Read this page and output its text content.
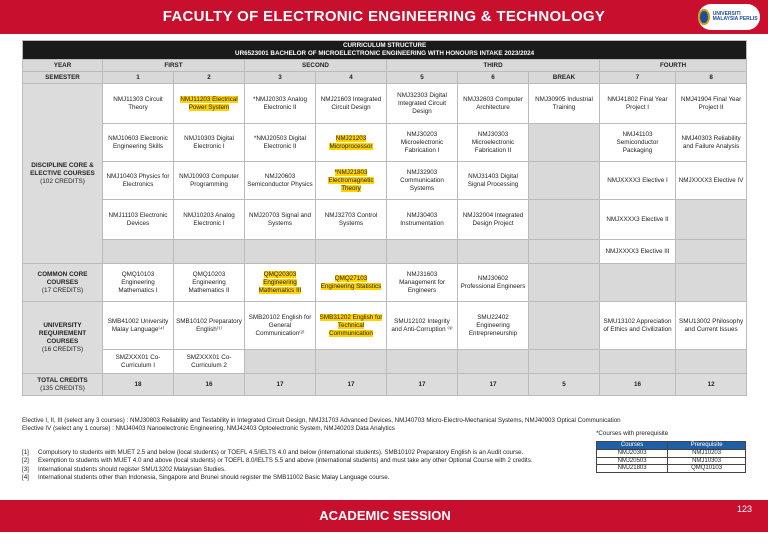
FACULTY OF ELECTRONIC ENGINEERING & TECHNOLOGY	UNIVERSITI MALAYSIA PERLIS
CURRICULUM STRUCTURE
UR6523001 BACHELOR OF MICROELECTRONIC ENGINEERING WITH HONOURS INTAKE 2023/2024									

YEAR	FIRST		SECOND		THIRD			FOURTH	
SEMESTER	1	2	3	4	5	6	BREAK	7	8
DISCIPLINE CORE & ELECTIVE COURSES
(102 CREDITS)	NMJ11303 Circuit Theory	NMJ11203 Electrical Power System	*NMJ20303 Analog Electronic II	NMJ21603 Integrated Circuit Design	NMJ32303 Digital Integrated Circuit Design	NMJ32603 Computer Architecture	NMJ30905 Industrial Training	NMJ41802 Final Year Project I	NMJ41904 Final Year Project II
	NMJ10603 Electronic Engineering Skills	NMJ10303 Digital Electronic I	*NMJ20503 Digital Electronic II	NMJ21203 Microprocessor	NMJ30203 Microelectronic Fabrication I	NMJ30303 Microelectronic Fabrication II		NMJ41103 Semiconductor Packaging	NMJ40303 Reliability and Failure Analysis
	NMJ10403 Physics for Electronics	NMJ10903 Computer Programming	NMJ20603 Semiconductor Physics	*NMJ21803 Electromagnetic Theory	NMJ32903 Communication Systems	NMJ31403 Digital Signal Processing		NMJXXXX3 Elective I	NMJXXXX3 Elective IV
	NMJ11103 Electronic Devices	NMJ10203 Analog Electronic I	NMJ20703 Signal and Systems	NMJ32703 Control Systems	NMJ30403 Instrumentation	NMJ32004 Integrated Design Project		NMJXXXX3 Elective II	
								NMJXXXX3 Elective III	
COMMON CORE COURSES
(17 CREDITS)	QMQ10103 Engineering Mathematics I	QMQ10203 Engineering Mathematics II	QMQ20303 Engineering Mathematics III	QMQ27103 Engineering Statistics	NMJ31603 Management for Engineers	NMJ30602 Professional Engineers			
UNIVERSITY REQUIREMENT COURSES
(16 CREDITS)	SMB41002 University Malay Language⁽⁴⁾	SMB10102 Preparatory English⁽¹⁾	SMB20102 English for General Communication⁽²⁾	SMB31202 English for Technical Communication	SMU12102 Integrity and Anti-Corruption ⁽³⁾	SMU22402 Engineering Entrepreneurship		SMU13102 Appreciation of Ethics and Civilization	SMU13002 Philosophy and Current Issues
	SMZXXX01 Co-Curriculum I	SMZXXX01 Co-Curriculum 2							
TOTAL CREDITS
(135 CREDITS)	18	16	17	17	17	17	5	16	12
Elective I, II, III (select any 3 courses) : NMJ30803 Reliability and Testability in Integrated Circuit Design, NMJ31703 Advanced Devices, NMJ40703 Micro-Electro-Mechanical Systems, NMJ40903 Optical Communication
Elective IV (select any 1 course) : NMJ40403 Nanoelectronic Engineering, NMJ42403 Optoelectronic System, NMJ40203 Data Analytics
*Courses with prerequisite
Courses	Prerequisite
NMJ20303	NMJ10203
NMJ20503	NMJ10303
NMJ21803	QMQ10103
[1]	Compulsory to students with MUET 2.5 and below (local students) or TOEFL 4.5/IELTS 4.0 and below (international students). SMB10102 Preparatory English is an Audit course.
[2]	Exemption to students with MUET 4.0 and above (local students) or TOEFL 8.0/IELTS 5.5 and above (international students) and must take any other Optional Course with 2 credits.
[3]	International students should register SMU13202 Malaysian Studies.
[4]	International students other than Indonesia, Singapore and Brunei should register the SMB11002 Basic Malay Language course.
ACADEMIC SESSION 2023/2024
123
